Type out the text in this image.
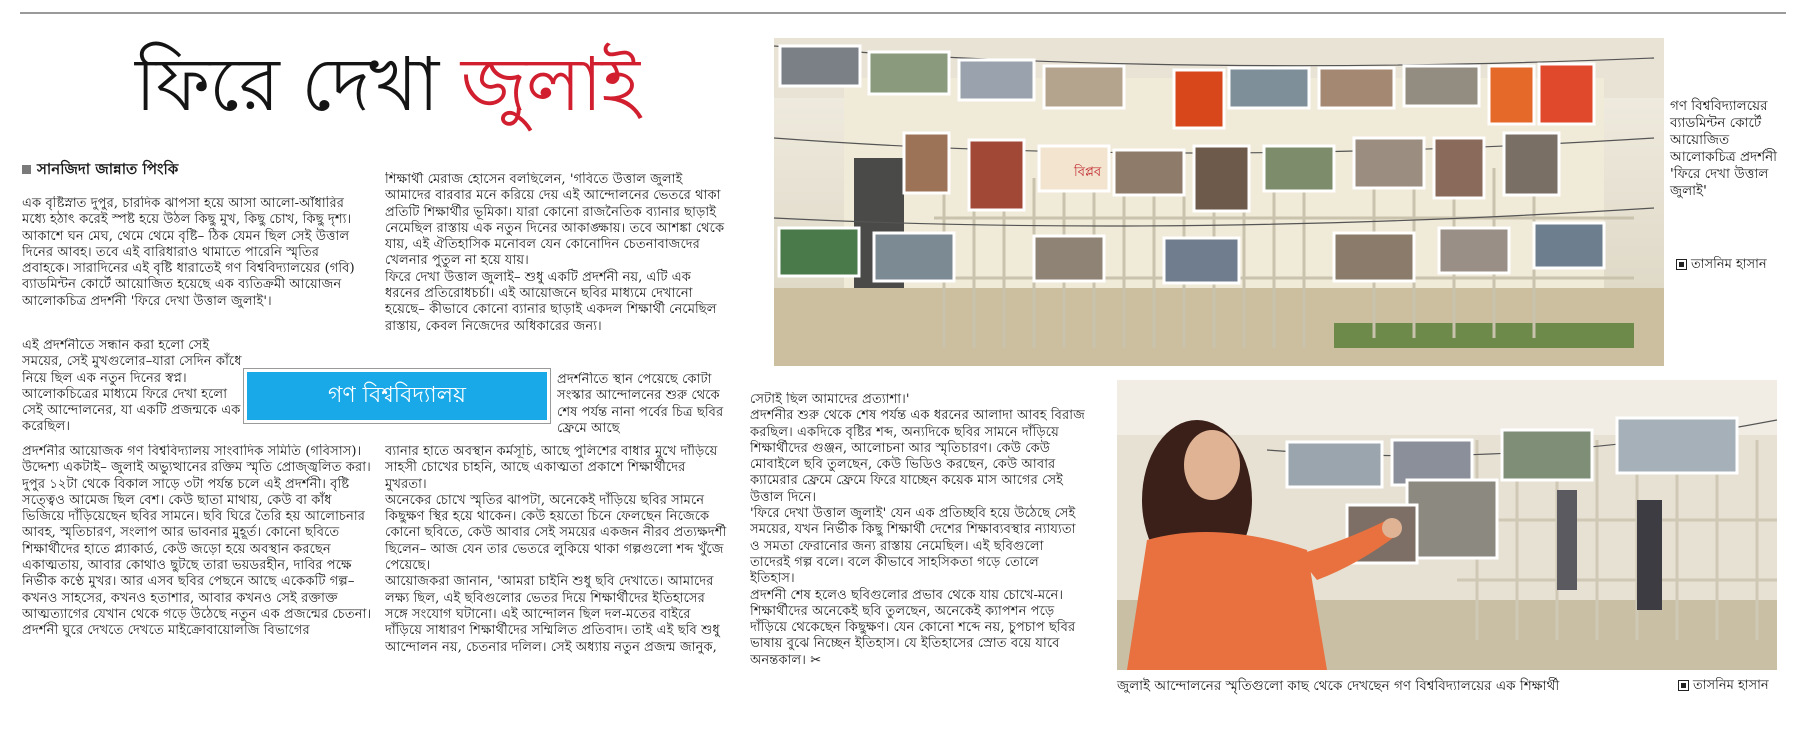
ফিরে দেখা জুলাই
সানজিদা জান্নাত পিংকি

এক বৃষ্টিস্নাত দুপুর, চারদিক ঝাপসা হয়ে আসা আলো-আঁধারির মধ্যে হঠাৎ করেই স্পষ্ট হয়ে উঠল কিছু মুখ, কিছু চোখ, কিছু দৃশ্য। আকাশে ঘন মেঘ, থেমে থেমে বৃষ্টি– ঠিক যেমন ছিল সেই উত্তাল দিনের আবহ। তবে এই বারিধারাও থামাতে পারেনি স্মৃতির প্রবাহকে। সারাদিনের এই বৃষ্টি ধারাতেই গণ বিশ্ববিদ্যালয়ের (গবি) ব্যাডমিন্টন কোর্টে আয়োজিত হয়েছে এক ব্যতিক্রমী আয়োজন আলোকচিত্র প্রদর্শনী 'ফিরে দেখা উত্তাল জুলাই'।

এই প্রদর্শনীতে সন্ধান করা হলো সেই সময়ের, সেই মুখগুলোর–যারা সেদিন কাঁধে নিয়ে ছিল এক নতুন দিনের স্বপ্ন।

আলোকচিত্রের মাধ্যমে ফিরে দেখা হলো সেই আন্দোলনের, যা একটি প্রজন্মকে এক করেছিল।

প্রদর্শনীর আয়োজক গণ বিশ্ববিদ্যালয় সাংবাদিক সমিতি (গবিসাস)। উদ্দেশ্য একটাই– জুলাই অভ্যুত্থানের রক্তিম স্মৃতি প্রোজ্জ্বলিত করা।

দুপুর ১২টা থেকে বিকাল সাড়ে ৩টা পর্যন্ত চলে এই প্রদর্শনী। বৃষ্টি সত্ত্বেও আমেজ ছিল বেশ। কেউ ছাতা মাথায়, কেউ বা কাঁধ ভিজিয়ে দাঁড়িয়েছেন ছবির সামনে। ছবি ঘিরে তৈরি হয় আলোচনার আবহ, স্মৃতিচারণ, সংলাপ আর ভাবনার মুহূর্ত। কোনো ছবিতে শিক্ষার্থীদের হাতে প্ল্যাকার্ড, কেউ জড়ো হয়ে অবস্থান করছেন একাত্মতায়, আবার কোথাও ছুটছে তারা ভয়ডরহীন, দাবির পক্ষে নির্ভীক কণ্ঠে মুখর। আর এসব ছবির পেছনে আছে একেকটি গল্প– কখনও সাহসের, কখনও হতাশার, আবার কখনও সেই রক্তাক্ত আত্মত্যাগের যেখান থেকে গড়ে উঠেছে নতুন এক প্রজন্মের চেতনা।

প্রদর্শনী ঘুরে দেখতে দেখতে মাইক্রোবায়োলজি বিভাগের

গণ বিশ্ববিদ্যালয়

শিক্ষার্থী মেরাজ হোসেন বলছিলেন, 'গবিতে উত্তাল জুলাই আমাদের বারবার মনে করিয়ে দেয় এই আন্দোলনের ভেতরে থাকা প্রতিটি শিক্ষার্থীর ভূমিকা। যারা কোনো রাজনৈতিক ব্যানার ছাড়াই নেমেছিল রাস্তায় এক নতুন দিনের আকাঙ্ক্ষায়। তবে আশঙ্কা থেকে যায়, এই ঐতিহাসিক মনোবল যেন কোনোদিন চেতনাবাজদের খেলনার পুতুল না হয়ে যায়।

ফিরে দেখা উত্তাল জুলাই– শুধু একটি প্রদর্শনী নয়, এটি এক ধরনের প্রতিরোধচর্চা। এই আয়োজনে ছবির মাধ্যমে দেখানো হয়েছে– কীভাবে কোনো ব্যানার ছাড়াই একদল শিক্ষার্থী নেমেছিল রাস্তায়, কেবল নিজেদের অধিকারের জন্য।

প্রদর্শনীতে স্থান পেয়েছে কোটা সংস্কার আন্দোলনের শুরু থেকে শেষ পর্যন্ত নানা পর্বের চিত্র ছবির ফ্রেমে আছে

ব্যানার হাতে অবস্থান কর্মসূচি, আছে পুলিশের বাধার মুখে দাঁড়িয়ে সাহসী চোখের চাহনি, আছে একাত্মতা প্রকাশে শিক্ষার্থীদের মুখরতা।

অনেকের চোখে স্মৃতির ঝাপটা, অনেকেই দাঁড়িয়ে ছবির সামনে কিছুক্ষণ স্থির হয়ে থাকেন। কেউ হয়তো চিনে ফেলছেন নিজেকে কোনো ছবিতে, কেউ আবার সেই সময়ের একজন নীরব প্রত্যক্ষদর্শী ছিলেন– আজ যেন তার ভেতরে লুকিয়ে থাকা গল্পগুলো শব্দ খুঁজে পেয়েছে।

আয়োজকরা জানান, 'আমরা চাইনি শুধু ছবি দেখাতে। আমাদের লক্ষ্য ছিল, এই ছবিগুলোর ভেতর দিয়ে শিক্ষার্থীদের ইতিহাসের সঙ্গে সংযোগ ঘটানো। এই আন্দোলন ছিল দল-মতের বাইরে দাঁড়িয়ে সাধারণ শিক্ষার্থীদের সম্মিলিত প্রতিবাদ। তাই এই ছবি শুধু আন্দোলন নয়, চেতনার দলিল। সেই অধ্যায় নতুন প্রজন্ম জানুক,

সেটাই ছিল আমাদের প্রত্যাশা।'

প্রদর্শনীর শুরু থেকে শেষ পর্যন্ত এক ধরনের আলাদা আবহ বিরাজ করছিল। একদিকে বৃষ্টির শব্দ, অন্যদিকে ছবির সামনে দাঁড়িয়ে শিক্ষার্থীদের গুঞ্জন, আলোচনা আর স্মৃতিচারণ। কেউ কেউ মোবাইলে ছবি তুলছেন, কেউ ভিডিও করছেন, কেউ আবার ক্যামেরার ফ্রেমে ফ্রেমে ফিরে যাচ্ছেন কয়েক মাস আগের সেই উত্তাল দিনে।

'ফিরে দেখা উত্তাল জুলাই' যেন এক প্রতিচ্ছবি হয়ে উঠেছে সেই সময়ের, যখন নির্ভীক কিছু শিক্ষার্থী দেশের শিক্ষাব্যবস্থার ন্যায্যতা ও সমতা ফেরানোর জন্য রাস্তায় নেমেছিল। এই ছবিগুলো তাদেরই গল্প বলে। বলে কীভাবে সাহসিকতা গড়ে তোলে ইতিহাস।

প্রদর্শনী শেষ হলেও ছবিগুলোর প্রভাব থেকে যায় চোখে-মনে। শিক্ষার্থীদের অনেকেই ছবি তুলছেন, অনেকেই ক্যাপশন পড়ে দাঁড়িয়ে থেকেছেন কিছুক্ষণ। যেন কোনো শব্দে নয়, চুপচাপ ছবির ভাষায় বুঝে নিচ্ছেন ইতিহাস। যে ইতিহাসের স্রোত বয়ে যাবে অনন্তকাল। ✂

বিপ্লব
গণ বিশ্ববিদ্যালয়ের ব্যাডমিন্টন কোর্টে আয়োজিত আলোকচিত্র প্রদর্শনী 'ফিরে দেখা উত্তাল জুলাই'
তাসনিম হাসান
জুলাই আন্দোলনের স্মৃতিগুলো কাছ থেকে দেখছেন গণ বিশ্ববিদ্যালয়ের এক শিক্ষার্থী	তাসনিম হাসান
